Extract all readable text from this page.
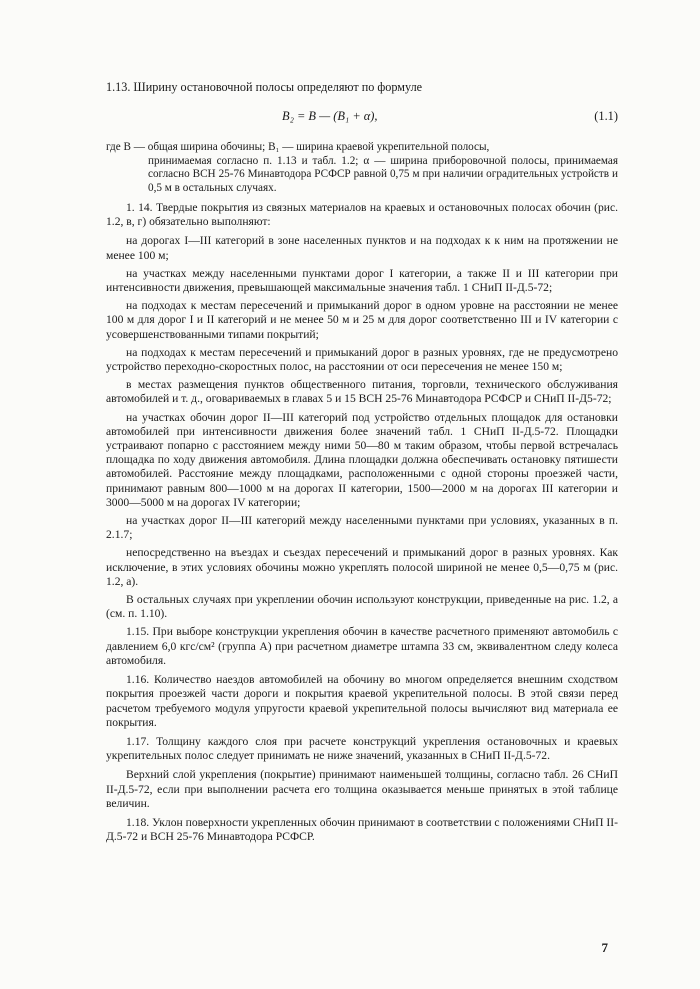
1.13. Ширину остановочной полосы определяют по формуле

B₂ = B — (B₁ + α),	(1.1)

где B — общая ширина обочины; B₁ — ширина краевой укрепительной полосы,
принимаемая согласно п. 1.13 и табл. 1.2; α — ширина приборовочной полосы, принимаемая согласно ВСН 25-76 Минавтодора РСФСР равной 0,75 м при наличии оградительных устройств и 0,5 м в остальных случаях.

1. 14. Твердые покрытия из связных материалов на краевых и остановочных полосах обочин (рис. 1.2, в, г) обязательно выполняют:

на дорогах I—III категорий в зоне населенных пунктов и на подходах к к ним на протяжении не менее 100 м;

на участках между населенными пунктами дорог I категории, а также II и III категории при интенсивности движения, превышающей максимальные значения табл. 1 СНиП II-Д.5-72;

на подходах к местам пересечений и примыканий дорог в одном уровне на расстоянии не менее 100 м для дорог I и II категорий и не менее 50 м и 25 м для дорог соответственно III и IV категории с усовершенствованными типами покрытий;

на подходах к местам пересечений и примыканий дорог в разных уровнях, где не предусмотрено устройство переходно-скоростных полос, на расстоянии от оси пересечения не менее 150 м;

в местах размещения пунктов общественного питания, торговли, технического обслуживания автомобилей и т. д., оговариваемых в главах 5 и 15 ВСН 25-76 Минавтодора РСФСР и СНиП II-Д5-72;

на участках обочин дорог II—III категорий под устройство отдельных площадок для остановки автомобилей при интенсивности движения более значений табл. 1 СНиП II-Д.5-72. Площадки устраивают попарно с расстоянием между ними 50—80 м таким образом, чтобы первой встречалась площадка по ходу движения автомобиля. Длина площадки должна обеспечивать остановку пятишести автомобилей. Расстояние между площадками, расположенными с одной стороны проезжей части, принимают равным 800—1000 м на дорогах II категории, 1500—2000 м на дорогах III категории и 3000—5000 м на дорогах IV категории;

на участках дорог II—III категорий между населенными пунктами при условиях, указанных в п. 2.1.7;

непосредственно на въездах и съездах пересечений и примыканий дорог в разных уровнях. Как исключение, в этих условиях обочины можно укреплять полосой шириной не менее 0,5—0,75 м (рис. 1.2, а).

В остальных случаях при укреплении обочин используют конструкции, приведенные на рис. 1.2, а (см. п. 1.10).

1.15. При выборе конструкции укрепления обочин в качестве расчетного применяют автомобиль с давлением 6,0 кгс/см² (группа А) при расчетном диаметре штампа 33 см, эквивалентном следу колеса автомобиля.

1.16. Количество наездов автомобилей на обочину во многом определяется внешним сходством покрытия проезжей части дороги и покрытия краевой укрепительной полосы. В этой связи перед расчетом требуемого модуля упругости краевой укрепительной полосы вычисляют вид материала ее покрытия.

1.17. Толщину каждого слоя при расчете конструкций укрепления остановочных и краевых укрепительных полос следует принимать не ниже значений, указанных в СНиП II-Д.5-72.

Верхний слой укрепления (покрытие) принимают наименьшей толщины, согласно табл. 26 СНиП II-Д.5-72, если при выполнении расчета его толщина оказывается меньше принятых в этой таблице величин.

1.18. Уклон поверхности укрепленных обочин принимают в соответствии с положениями СНиП II-Д.5-72 и ВСН 25-76 Минавтодора РСФСР.

7
